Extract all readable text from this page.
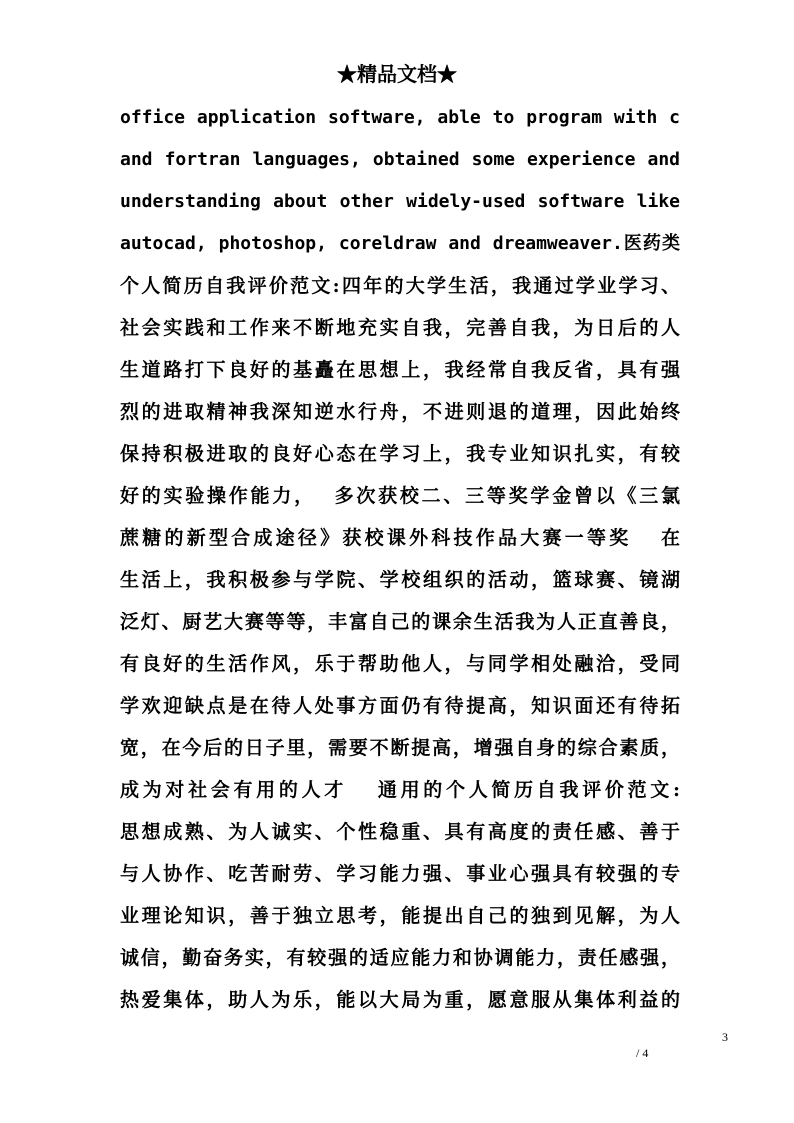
★精品文档★
office application software, able to program with c
and fortran languages, obtained some experience and
understanding about other widely-used software like
autocad, photoshop, coreldraw and dreamweaver.医药类
个人简历自我评价范文:四年的大学生活，我通过学业学习、
社会实践和工作来不断地充实自我，完善自我，为日后的人
生道路打下良好的基矗在思想上，我经常自我反省，具有强
烈的进取精神我深知逆水行舟，不进则退的道理，因此始终
保持积极进取的良好心态在学习上，我专业知识扎实，有较
好的实验操作能力，  多次获校二、三等奖学金曾以《三氯
蔗糖的新型合成途径》获校课外科技作品大赛一等奖   在
生活上，我积极参与学院、学校组织的活动，篮球赛、镜湖
泛灯、厨艺大赛等等，丰富自己的课余生活我为人正直善良，
有良好的生活作风，乐于帮助他人，与同学相处融洽，受同
学欢迎缺点是在待人处事方面仍有待提高，知识面还有待拓
宽，在今后的日子里，需要不断提高，增强自身的综合素质，
成为对社会有用的人才   通用的个人简历自我评价范文:
思想成熟、为人诚实、个性稳重、具有高度的责任感、善于
与人协作、吃苦耐劳、学习能力强、事业心强具有较强的专
业理论知识，善于独立思考，能提出自己的独到见解，为人
诚信，勤奋务实，有较强的适应能力和协调能力，责任感强，
热爱集体，助人为乐，能以大局为重，愿意服从集体利益的
3
/ 4
